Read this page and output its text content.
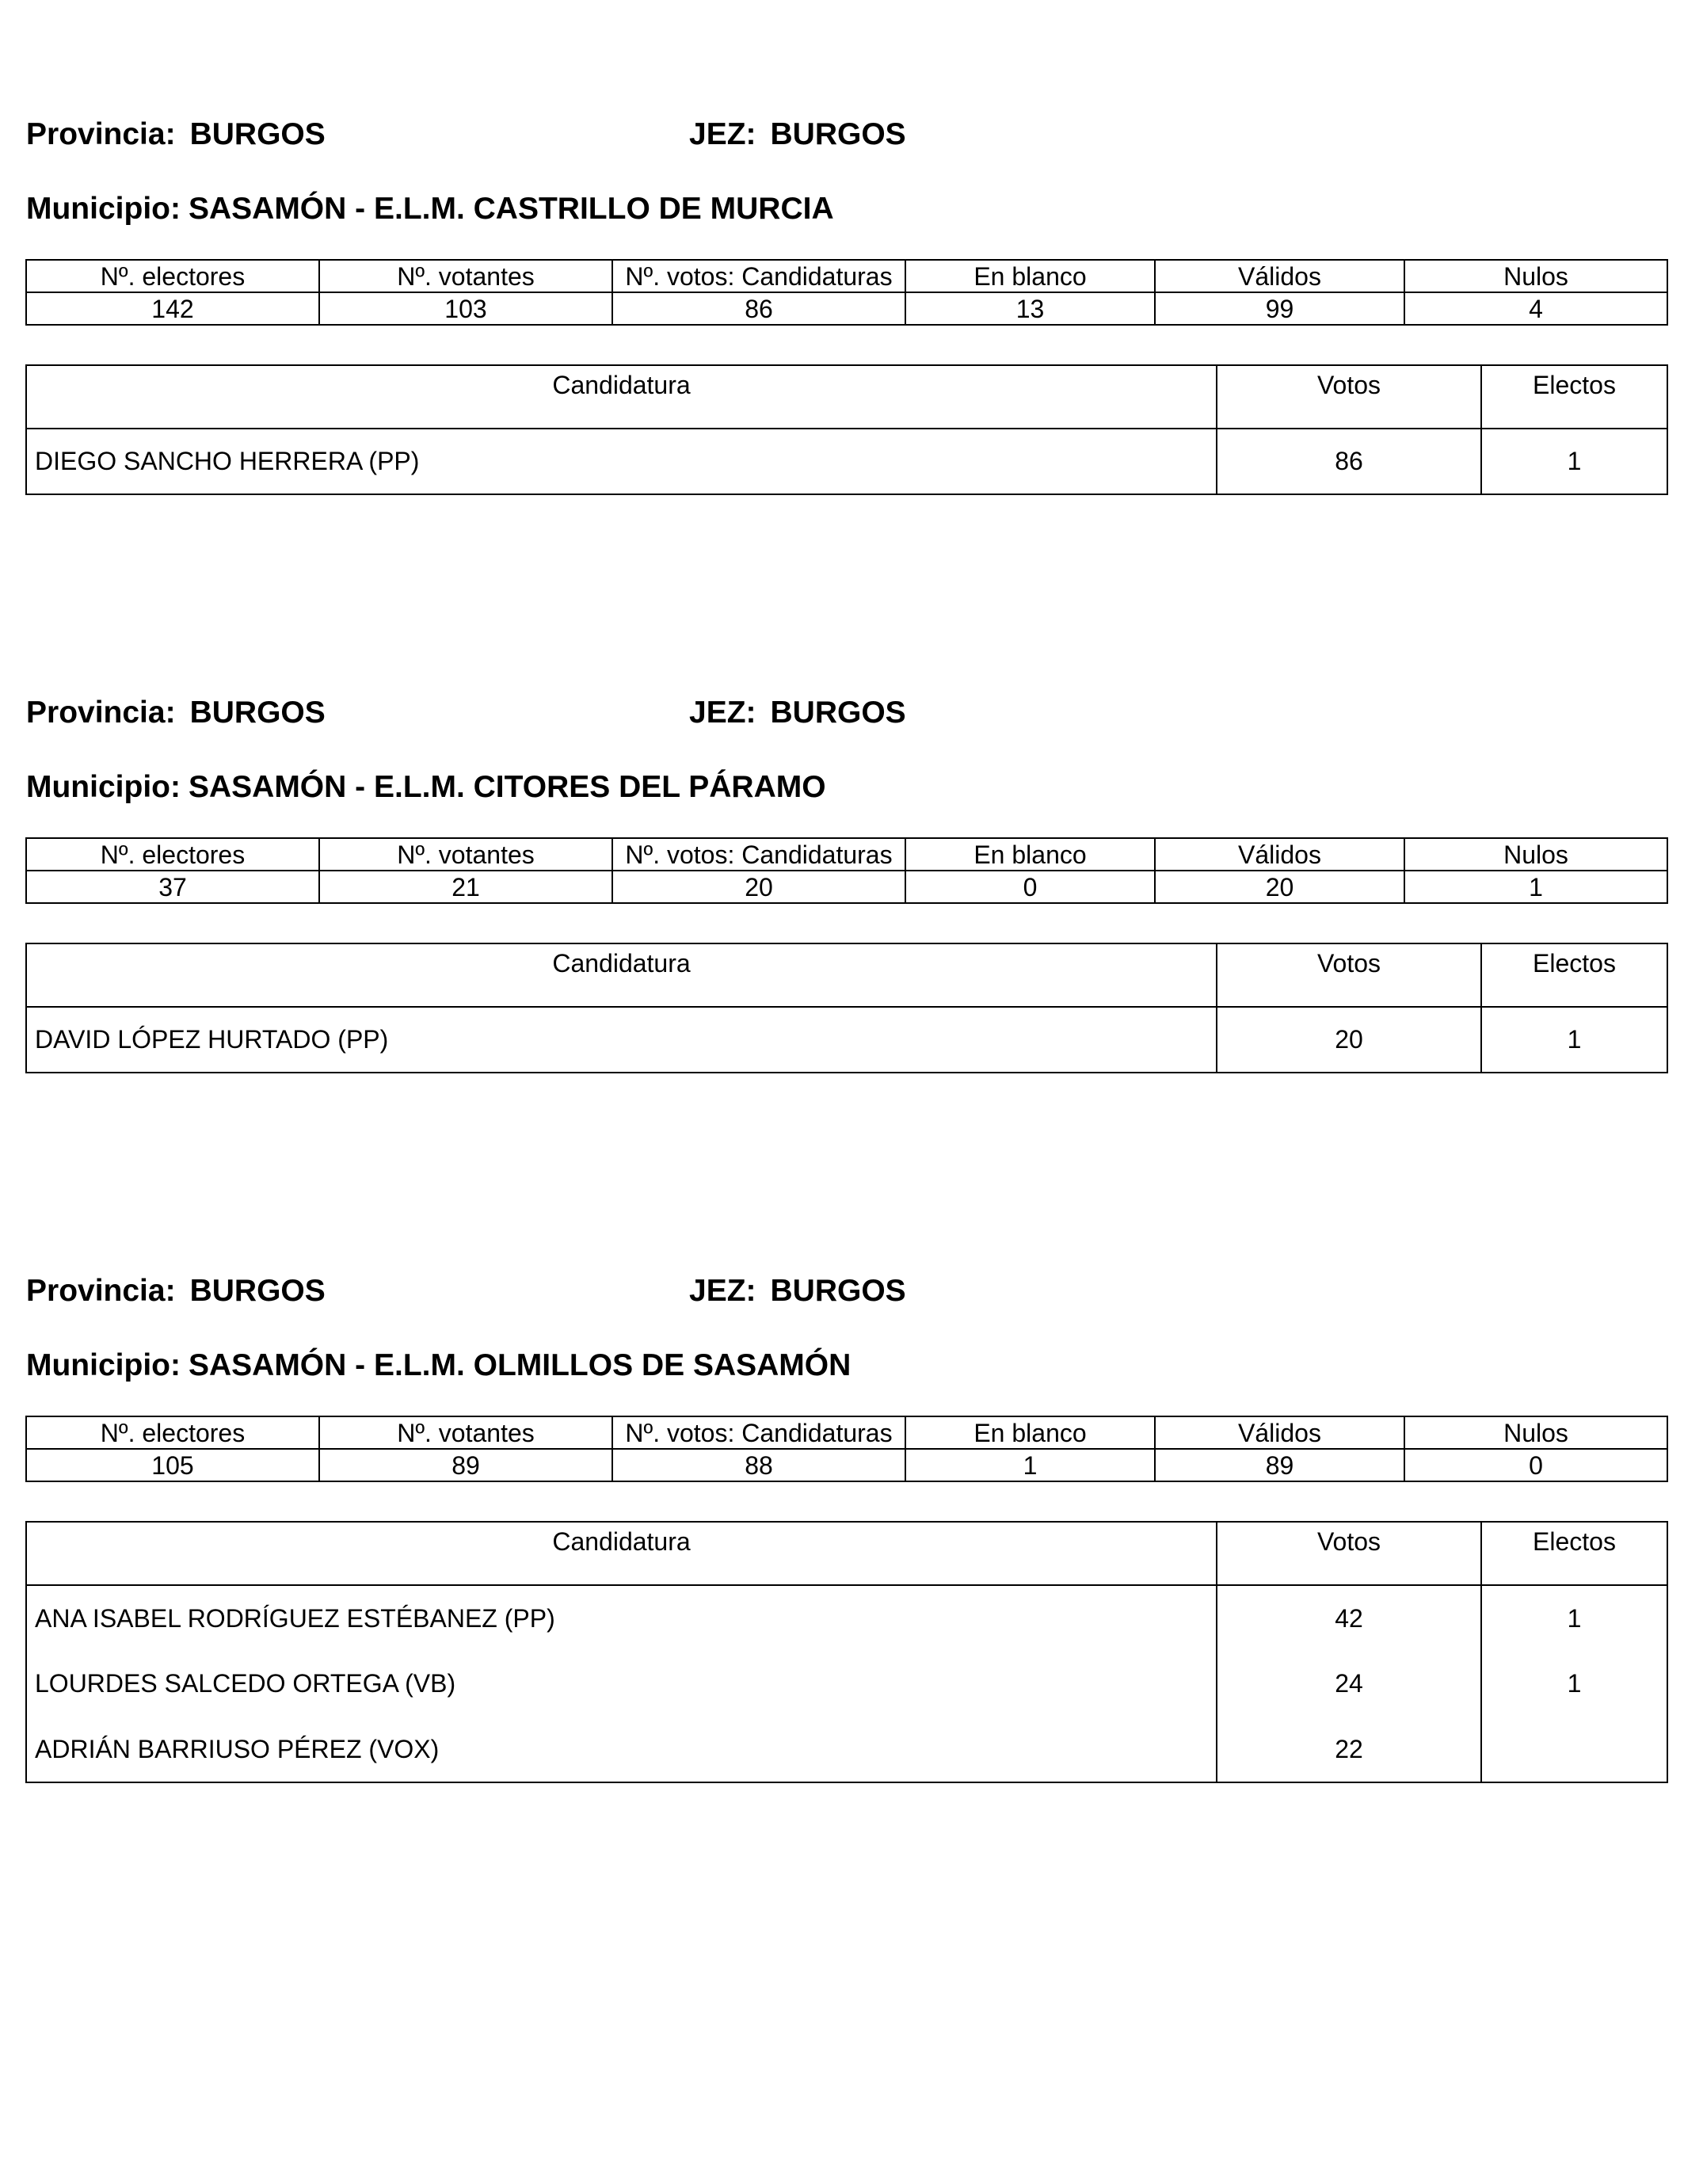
Provincia: BURGOS	JEZ: BURGOS
Municipio: SASAMÓN - E.L.M. CASTRILLO DE MURCIA
Nº. electores	Nº. votantes	Nº. votos: Candidaturas	En blanco	Válidos	Nulos
142	103	86	13	99	4
Candidatura	Votos	Electos
DIEGO SANCHO HERRERA (PP)	86	1
Provincia: BURGOS	JEZ: BURGOS
Municipio: SASAMÓN - E.L.M. CITORES DEL PÁRAMO
Nº. electores	Nº. votantes	Nº. votos: Candidaturas	En blanco	Válidos	Nulos
37	21	20	0	20	1
Candidatura	Votos	Electos
DAVID LÓPEZ HURTADO (PP)	20	1
Provincia: BURGOS	JEZ: BURGOS
Municipio: SASAMÓN - E.L.M. OLMILLOS DE SASAMÓN
Nº. electores	Nº. votantes	Nº. votos: Candidaturas	En blanco	Válidos	Nulos
105	89	88	1	89	0
Candidatura	Votos	Electos
ANA ISABEL RODRÍGUEZ ESTÉBANEZ (PP)	42	1
LOURDES SALCEDO ORTEGA (VB)	24	1
ADRIÁN BARRIUSO PÉREZ (VOX)	22	
